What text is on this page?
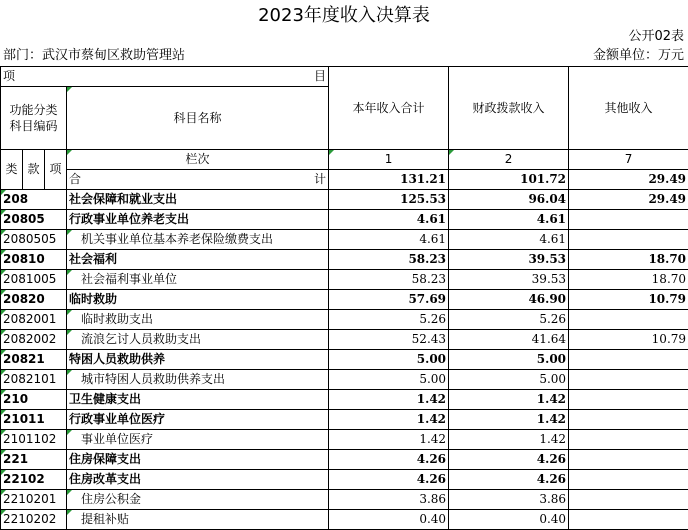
2023年度收入决算表
公开02表
部门：武汉市蔡甸区救助管理站	金额单位：万元
项 目				本年收入合计	财政拨款收入	其他收入
功能分类
科目编码			科目名称			

类	款	项	栏次	1	2	7

			合 计	131.21	101.72	29.49
208			社会保障和就业支出	125.53	96.04	29.49
20805			行政事业单位养老支出	4.61	4.61	
2080505			机关事业单位基本养老保险缴费支出	4.61	4.61	
20810			社会福利	58.23	39.53	18.70
2081005			社会福利事业单位	58.23	39.53	18.70
20820			临时救助	57.69	46.90	10.79
2082001			临时救助支出	5.26	5.26	
2082002			流浪乞讨人员救助支出	52.43	41.64	10.79
20821			特困人员救助供养	5.00	5.00	
2082101			城市特困人员救助供养支出	5.00	5.00	
210			卫生健康支出	1.42	1.42	
21011			行政事业单位医疗	1.42	1.42	
2101102			事业单位医疗	1.42	1.42	
221			住房保障支出	4.26	4.26	
22102			住房改革支出	4.26	4.26	
2210201			住房公积金	3.86	3.86	
2210202			提租补贴	0.40	0.40	
